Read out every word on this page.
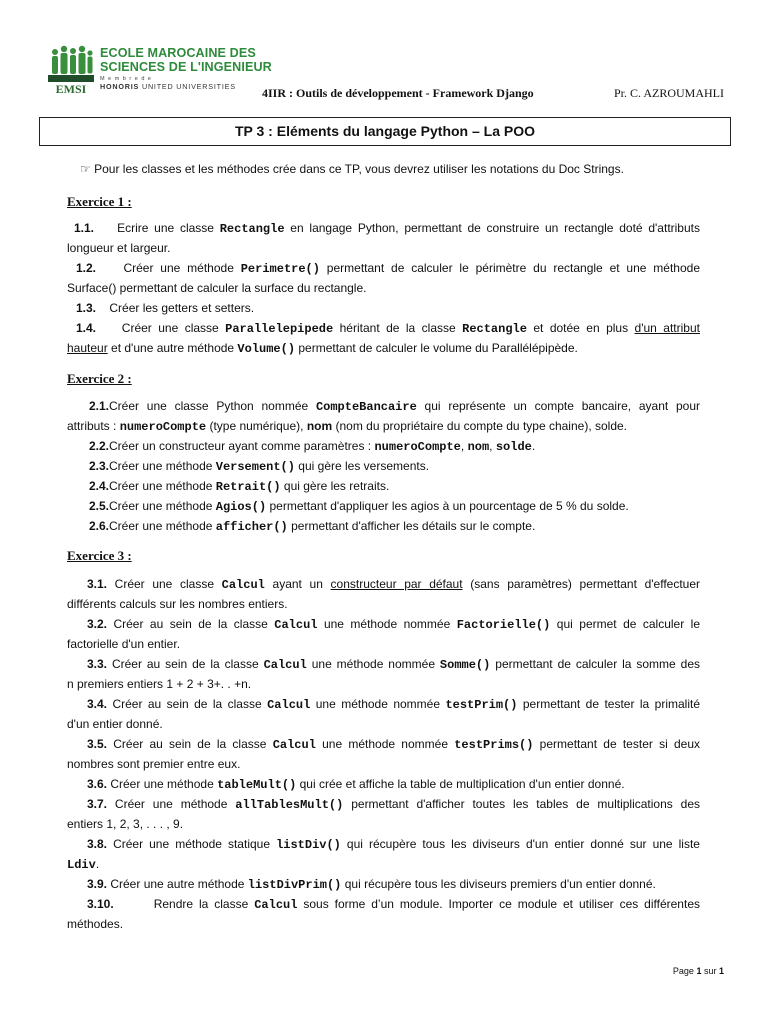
EMSI
ECOLE MAROCAINE DES
SCIENCES DE L'INGENIEUR
M e m b r e d e
HONORIS UNITED UNIVERSITIES	4IIR : Outils de développement - Framework Django	Pr. C. AZROUMAHLI
TP 3 : Eléments du langage Python – La POO
☞ Pour les classes et les méthodes crée dans ce TP, vous devrez utiliser les notations du Doc Strings.
Exercice 1 :
1.1. Ecrire une classe Rectangle en langage Python, permettant de construire un rectangle doté d'attributs
longueur et largeur.
1.2. Créer une méthode Perimetre() permettant de calculer le périmètre du rectangle et une méthode
Surface() permettant de calculer la surface du rectangle.
1.3. Créer les getters et setters.
1.4. Créer une classe Parallelepipede héritant de la classe Rectangle et dotée en plus d'un attribut
hauteur et d'une autre méthode Volume() permettant de calculer le volume du Parallélépipède.
Exercice 2 :
2.1.Créer une classe Python nommée CompteBancaire qui représente un compte bancaire, ayant pour
attributs : numeroCompte (type numérique), nom (nom du propriétaire du compte du type chaine), solde.
2.2.Créer un constructeur ayant comme paramètres : numeroCompte, nom, solde.
2.3.Créer une méthode Versement() qui gère les versements.
2.4.Créer une méthode Retrait() qui gère les retraits.
2.5.Créer une méthode Agios() permettant d'appliquer les agios à un pourcentage de 5 % du solde.
2.6.Créer une méthode afficher() permettant d'afficher les détails sur le compte.
Exercice 3 :
3.1. Créer une classe Calcul ayant un constructeur par défaut (sans paramètres) permettant d'effectuer
différents calculs sur les nombres entiers.
3.2. Créer au sein de la classe Calcul une méthode nommée Factorielle() qui permet de calculer le
factorielle d'un entier.
3.3. Créer au sein de la classe Calcul une méthode nommée Somme() permettant de calculer la somme des
n premiers entiers 1 + 2 + 3+. . +n.
3.4. Créer au sein de la classe Calcul une méthode nommée testPrim() permettant de tester la primalité
d'un entier donné.
3.5. Créer au sein de la classe Calcul une méthode nommée testPrims() permettant de tester si deux
nombres sont premier entre eux.
3.6. Créer une méthode tableMult() qui crée et affiche la table de multiplication d'un entier donné.
3.7. Créer une méthode allTablesMult() permettant d'afficher toutes les tables de multiplications des
entiers 1, 2, 3, . . . , 9.
3.8. Créer une méthode statique listDiv() qui récupère tous les diviseurs d'un entier donné sur une liste
Ldiv.
3.9. Créer une autre méthode listDivPrim() qui récupère tous les diviseurs premiers d'un entier donné.
3.10.	Rendre la classe Calcul sous forme d’un module. Importer ce module et utiliser ces différentes
méthodes.
Page 1 sur 1
